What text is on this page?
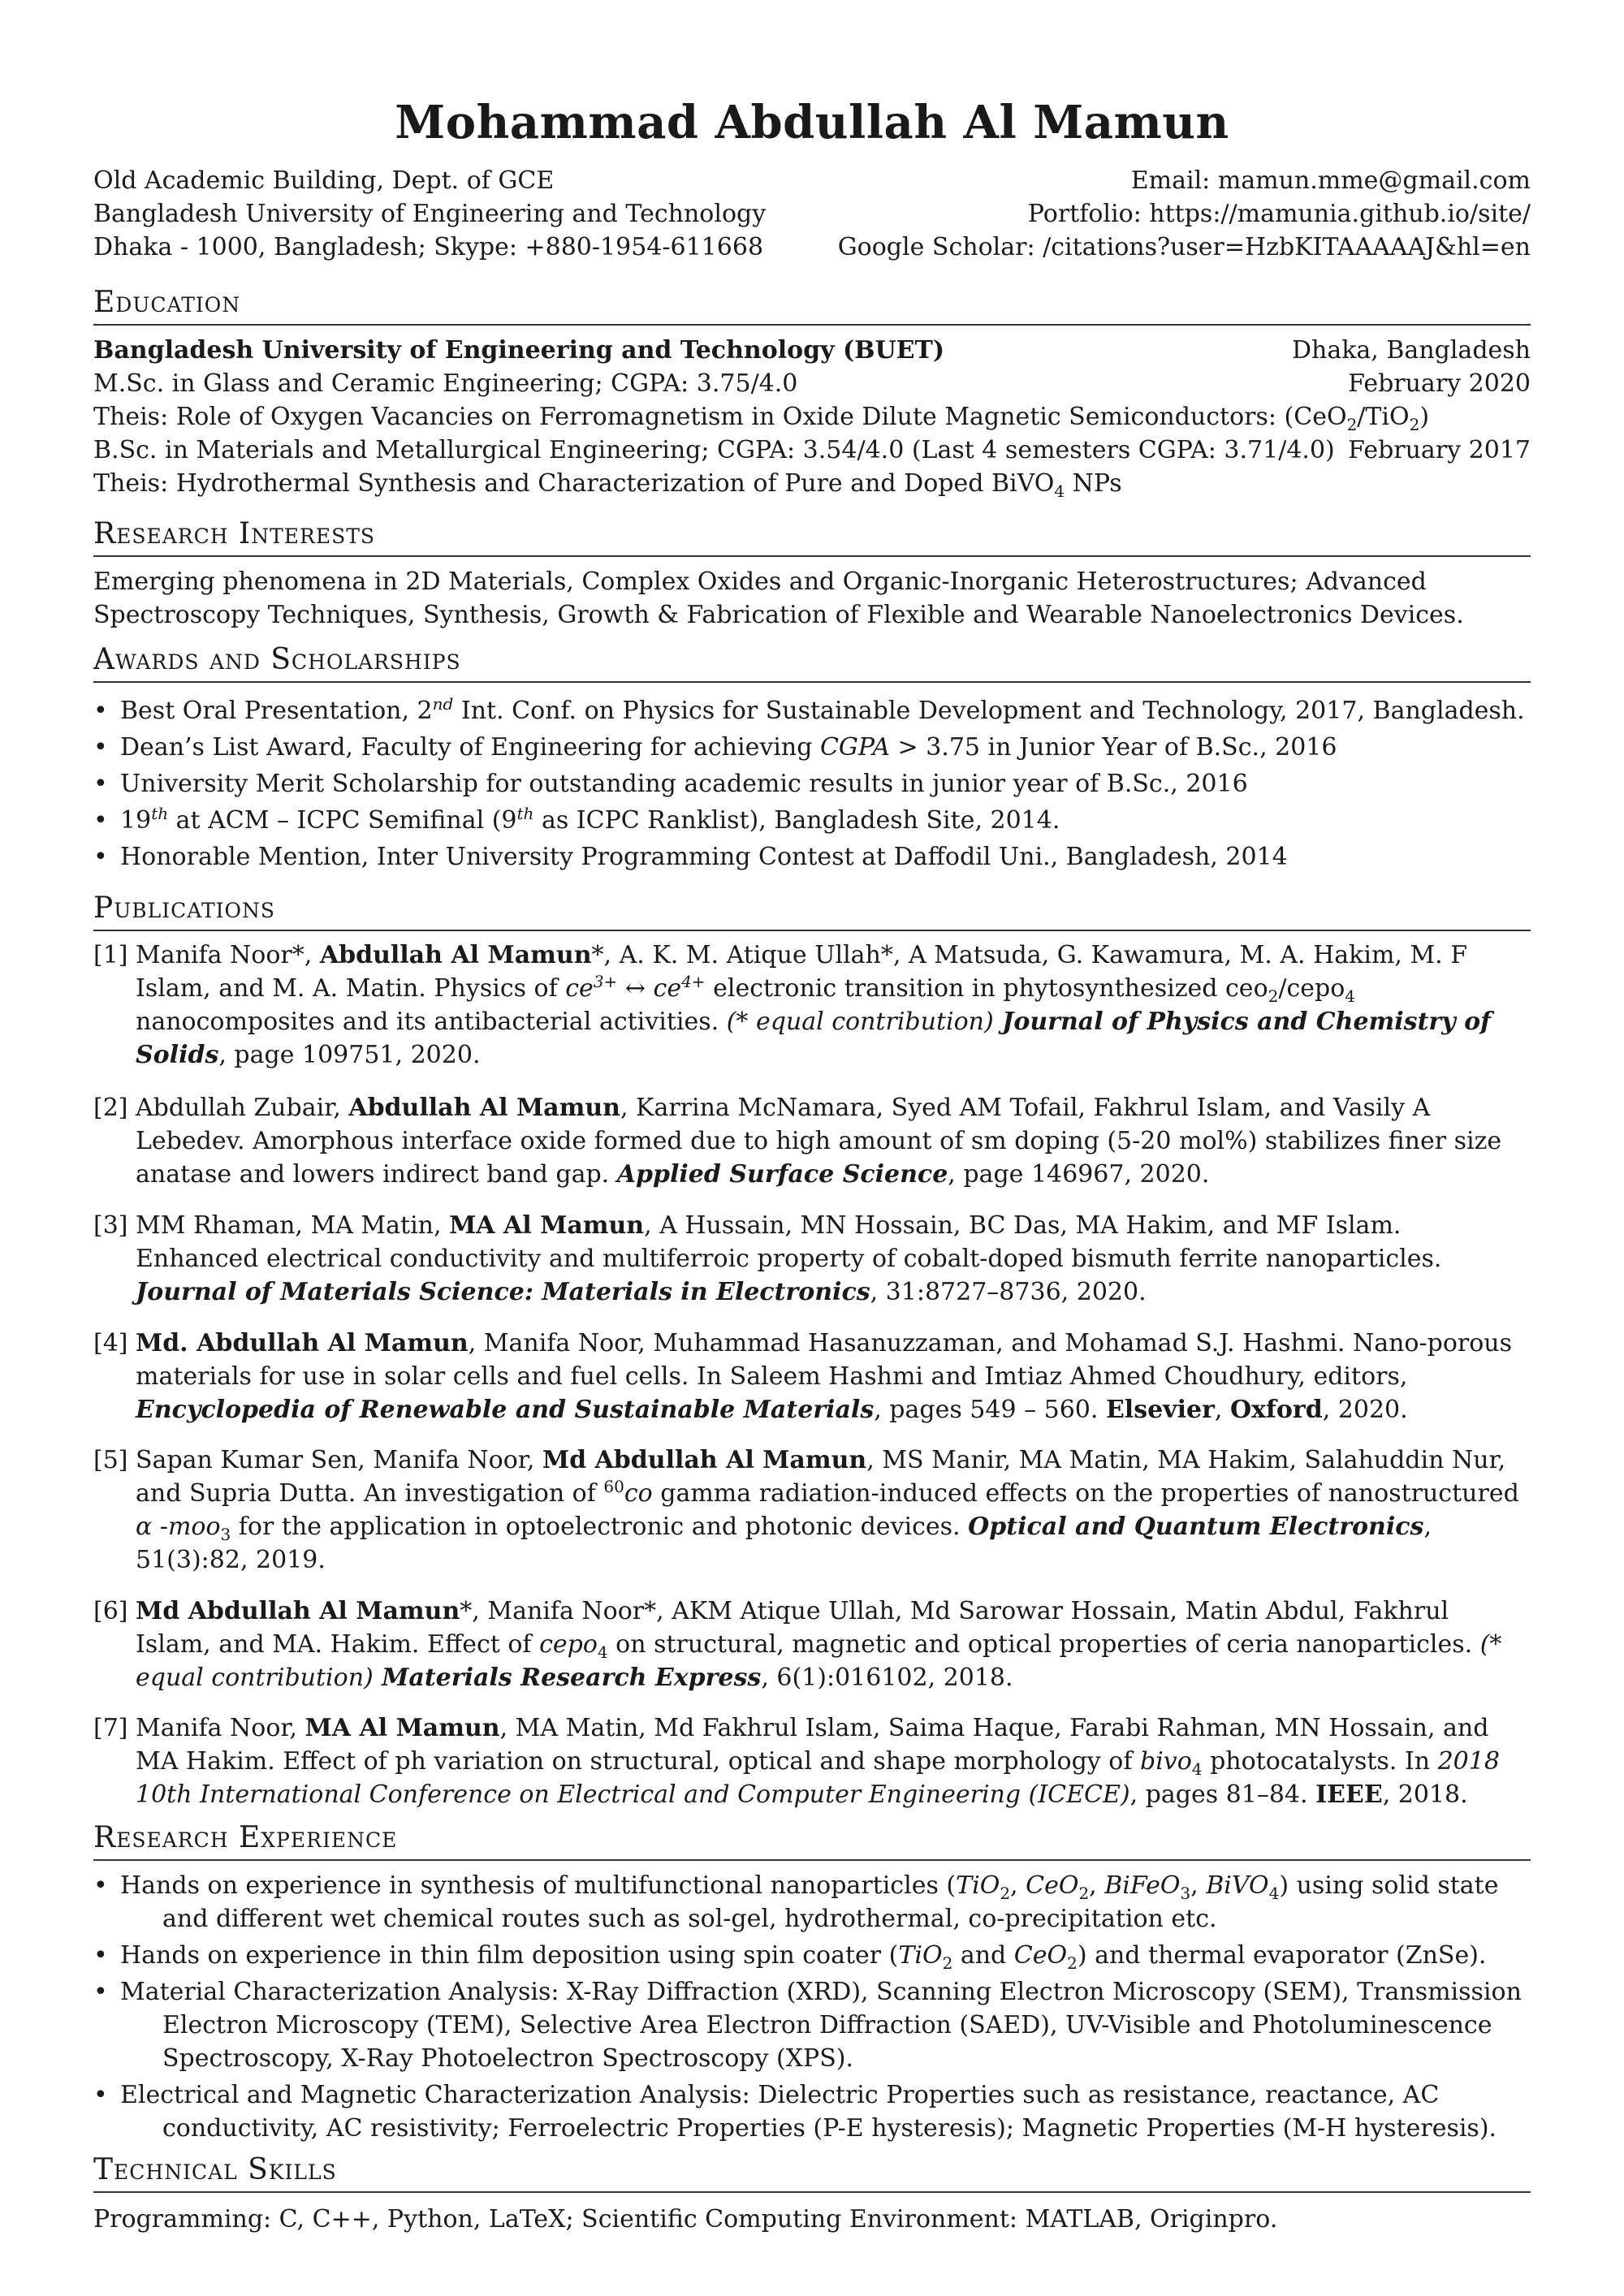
Mohammad Abdullah Al Mamun
Old Academic Building, Dept. of GCE
Bangladesh University of Engineering and Technology
Dhaka - 1000, Bangladesh; Skype: +880-1954-611668
Email: mamun.mme@gmail.com
Portfolio: https://mamunia.github.io/site/
Google Scholar: /citations?user=HzbKITAAAAAJ&hl=en
Education
Bangladesh University of Engineering and Technology (BUET)	Dhaka, Bangladesh
M.Sc. in Glass and Ceramic Engineering; CGPA: 3.75/4.0	February 2020
Theis: Role of Oxygen Vacancies on Ferromagnetism in Oxide Dilute Magnetic Semiconductors: (CeO$_2$/TiO$_2$)
B.Sc. in Materials and Metallurgical Engineering; CGPA: 3.54/4.0 (Last 4 semesters CGPA: 3.71/4.0) February 2017
Theis: Hydrothermal Synthesis and Characterization of Pure and Doped BiVO$_4$ NPs
Research Interests
Emerging phenomena in 2D Materials, Complex Oxides and Organic-Inorganic Heterostructures; Advanced
Spectroscopy Techniques, Synthesis, Growth & Fabrication of Flexible and Wearable Nanoelectronics Devices.
Awards and Scholarships
• Best Oral Presentation, 2nd Int. Conf. on Physics for Sustainable Development and Technology, 2017, Bangladesh.
• Dean’s List Award, Faculty of Engineering for achieving CGPA > 3.75 in Junior Year of B.Sc., 2016
• University Merit Scholarship for outstanding academic results in junior year of B.Sc., 2016
• 19th at ACM – ICPC Semifinal (9th as ICPC Ranklist), Bangladesh Site, 2014.
• Honorable Mention, Inter University Programming Contest at Daffodil Uni., Bangladesh, 2014
Publications
[1] Manifa Noor*, Abdullah Al Mamun*, A. K. M. Atique Ullah*, A Matsuda, G. Kawamura, M. A. Hakim, M. F Islam, and M. A. Matin. Physics of $ce^{3+}$ ↔ $ce^{4+}$ electronic transition in phytosynthesized ceo$_2$/cepo$_4$ nanocomposites and its antibacterial activities. (* equal contribution) Journal of Physics and Chemistry of Solids, page 109751, 2020.
[2] Abdullah Zubair, Abdullah Al Mamun, Karrina McNamara, Syed AM Tofail, Fakhrul Islam, and Vasily A Lebedev. Amorphous interface oxide formed due to high amount of sm doping (5-20 mol%) stabilizes finer size anatase and lowers indirect band gap. Applied Surface Science, page 146967, 2020.
[3] MM Rhaman, MA Matin, MA Al Mamun, A Hussain, MN Hossain, BC Das, MA Hakim, and MF Islam. Enhanced electrical conductivity and multiferroic property of cobalt-doped bismuth ferrite nanoparticles. Journal of Materials Science: Materials in Electronics, 31:8727–8736, 2020.
[4] Md. Abdullah Al Mamun, Manifa Noor, Muhammad Hasanuzzaman, and Mohamad S.J. Hashmi. Nano-porous materials for use in solar cells and fuel cells. In Saleem Hashmi and Imtiaz Ahmed Choudhury, editors, Encyclopedia of Renewable and Sustainable Materials, pages 549 – 560. Elsevier, Oxford, 2020.
[5] Sapan Kumar Sen, Manifa Noor, Md Abdullah Al Mamun, MS Manir, MA Matin, MA Hakim, Salahuddin Nur, and Supria Dutta. An investigation of $^{60}$co gamma radiation-induced effects on the properties of nanostructured α -moo$_3$ for the application in optoelectronic and photonic devices. Optical and Quantum Electronics, 51(3):82, 2019.
[6] Md Abdullah Al Mamun*, Manifa Noor*, AKM Atique Ullah, Md Sarowar Hossain, Matin Abdul, Fakhrul Islam, and MA. Hakim. Effect of cepo$_4$ on structural, magnetic and optical properties of ceria nanoparticles. (* equal contribution) Materials Research Express, 6(1):016102, 2018.
[7] Manifa Noor, MA Al Mamun, MA Matin, Md Fakhrul Islam, Saima Haque, Farabi Rahman, MN Hossain, and MA Hakim. Effect of ph variation on structural, optical and shape morphology of bivo$_4$ photocatalysts. In 2018 10th International Conference on Electrical and Computer Engineering (ICECE), pages 81–84. IEEE, 2018.
Research Experience
• Hands on experience in synthesis of multifunctional nanoparticles (TiO$_2$, CeO$_2$, BiFeO$_3$, BiVO$_4$) using solid state and different wet chemical routes such as sol-gel, hydrothermal, co-precipitation etc.
• Hands on experience in thin film deposition using spin coater (TiO$_2$ and CeO$_2$) and thermal evaporator (ZnSe).
• Material Characterization Analysis: X-Ray Diffraction (XRD), Scanning Electron Microscopy (SEM), Transmission Electron Microscopy (TEM), Selective Area Electron Diffraction (SAED), UV-Visible and Photoluminescence Spectroscopy, X-Ray Photoelectron Spectroscopy (XPS).
• Electrical and Magnetic Characterization Analysis: Dielectric Properties such as resistance, reactance, AC conductivity, AC resistivity; Ferroelectric Properties (P-E hysteresis); Magnetic Properties (M-H hysteresis).
Technical Skills
Programming: C, C++, Python, LaTeX; Scientific Computing Environment: MATLAB, Originpro.
